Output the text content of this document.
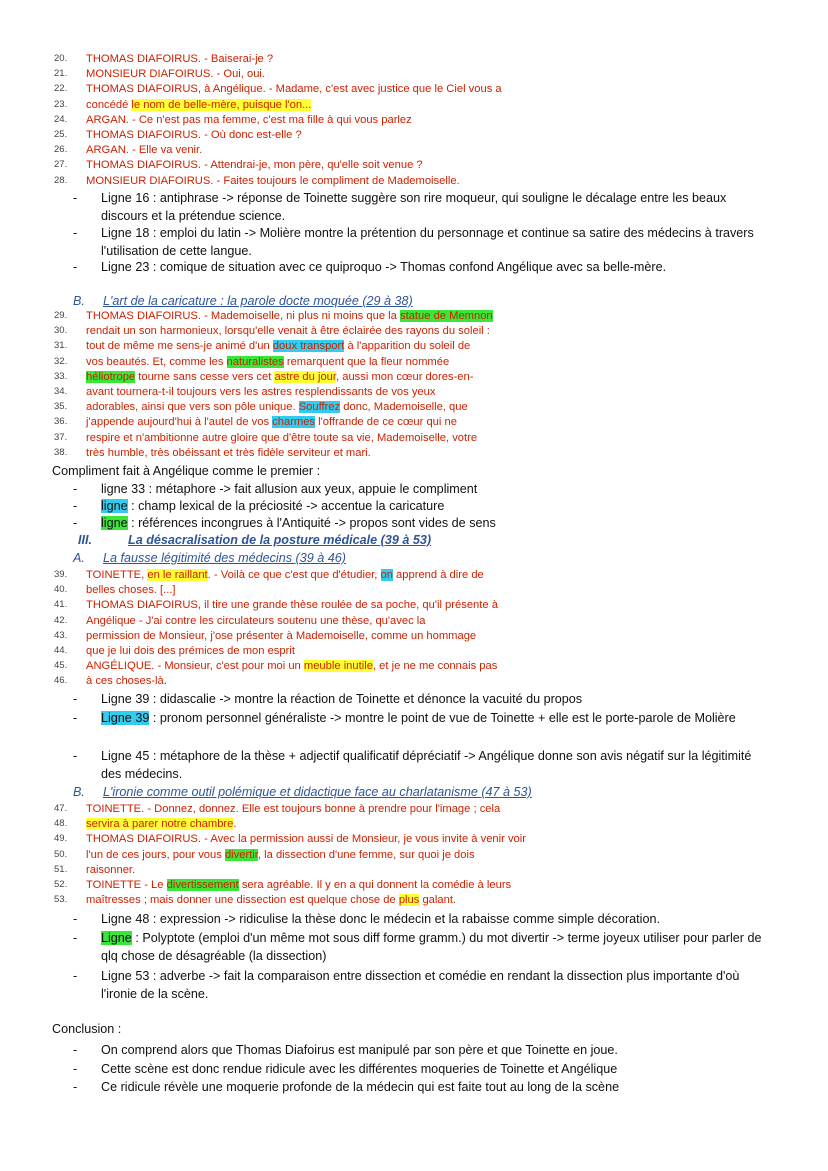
20.	THOMAS DIAFOIRUS. - Baiserai-je ?
21.	MONSIEUR DIAFOIRUS. - Oui, oui.
22.	THOMAS DIAFOIRUS, à Angélique. - Madame, c'est avec justice que le Ciel vous a
23.	concédé le nom de belle-mère, puisque l'on...
24.	ARGAN. - Ce n'est pas ma femme, c'est ma fille à qui vous parlez
25.	THOMAS DIAFOIRUS. - Où donc est-elle ?
26.	ARGAN. - Elle va venir.
27.	THOMAS DIAFOIRUS. - Attendrai-je, mon père, qu'elle soit venue ?
28.	MONSIEUR DIAFOIRUS. - Faites toujours le compliment de Mademoiselle.
- Ligne 16 : antiphrase -> réponse de Toinette suggère son rire moqueur, qui souligne le décalage entre les beaux discours et la prétendue science.
- Ligne 18 : emploi du latin -> Molière montre la prétention du personnage et continue sa satire des médecins à travers l'utilisation de cette langue.
- Ligne 23 : comique de situation avec ce quiproquo -> Thomas confond Angélique avec sa belle-mère.
B. L'art de la caricature : la parole docte moquée (29 à 38)
29.	THOMAS DIAFOIRUS. - Mademoiselle, ni plus ni moins que la statue de Memnon
30.	rendait un son harmonieux, lorsqu'elle venait à être éclairée des rayons du soleil :
31.	tout de même me sens-je animé d'un doux transport à l'apparition du soleil de
32.	vos beautés. Et, comme les naturalistes remarquent que la fleur nommée
33.	héliotrope tourne sans cesse vers cet astre du jour, aussi mon cœur dores-en-
34.	avant tournera-t-il toujours vers les astres resplendissants de vos yeux
35.	adorables, ainsi que vers son pôle unique. Souffrez donc, Mademoiselle, que
36.	j'appende aujourd'hui à l'autel de vos charmes l'offrande de ce cœur qui ne
37.	respire et n'ambitionne autre gloire que d'être toute sa vie, Mademoiselle, votre
38.	très humble, très obéissant et très fidèle serviteur et mari.
Compliment fait à Angélique comme le premier :
- ligne 33 : métaphore -> fait allusion aux yeux, appuie le compliment
- ligne : champ lexical de la préciosité -> accentue la caricature
- ligne : références incongrues à l'Antiquité -> propos sont vides de sens
III.	La désacralisation de la posture médicale (39 à 53)
A. La fausse légitimité des médecins (39 à 46)
39.	TOINETTE, en le raillant. - Voilà ce que c'est que d'étudier, on apprend à dire de
40.	belles choses. [...]
41.	THOMAS DIAFOIRUS, il tire une grande thèse roulée de sa poche, qu'il présente à
42.	Angélique - J'ai contre les circulateurs soutenu une thèse, qu'avec la
43.	permission de Monsieur, j'ose présenter à Mademoiselle, comme un hommage
44.	que je lui dois des prémices de mon esprit
45.	ANGÉLIQUE. - Monsieur, c'est pour moi un meuble inutile, et je ne me connais pas
46.	à ces choses-là.
- Ligne 39 : didascalie -> montre la réaction de Toinette et dénonce la vacuité du propos
- Ligne 39 : pronom personnel généraliste -> montre le point de vue de Toinette + elle est le porte-parole de Molière
- Ligne 45 : métaphore de la thèse + adjectif qualificatif dépréciatif -> Angélique donne son avis négatif sur la légitimité des médecins.
B. L'ironie comme outil polémique et didactique face au charlatanisme (47 à 53)
47.	TOINETTE. - Donnez, donnez. Elle est toujours bonne à prendre pour l'image ; cela
48.	servira à parer notre chambre.
49.	THOMAS DIAFOIRUS. - Avec la permission aussi de Monsieur, je vous invite à venir voir
50.	l'un de ces jours, pour vous divertir, la dissection d'une femme, sur quoi je dois
51.	raisonner.
52.	TOINETTE - Le divertissement sera agréable. Il y en a qui donnent la comédie à leurs
53.	maîtresses ; mais donner une dissection est quelque chose de plus galant.
- Ligne 48 : expression -> ridiculise la thèse donc le médecin et la rabaisse comme simple décoration.
- Ligne : Polyptote (emploi d'un même mot sous diff forme gramm.) du mot divertir -> terme joyeux utiliser pour parler de qlq chose de désagréable (la dissection)
- Ligne 53 : adverbe -> fait la comparaison entre dissection et comédie en rendant la dissection plus importante d'où l'ironie de la scène.
Conclusion :
- On comprend alors que Thomas Diafoirus est manipulé par son père et que Toinette en joue.
- Cette scène est donc rendue ridicule avec les différentes moqueries de Toinette et Angélique
- Ce ridicule révèle une moquerie profonde de la médecin qui est faite tout au long de la scène
